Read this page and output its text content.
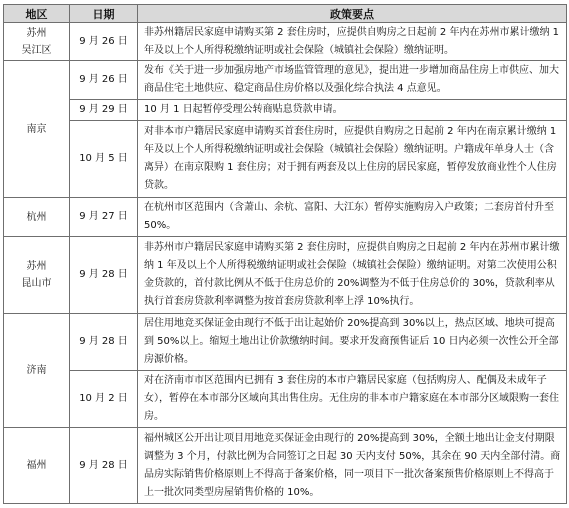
地区	日期	政策要点

苏州
吴江区	9 月 26 日	非苏州籍居民家庭申请购买第 2 套住房时，应提供自购房之日起前 2 年内在苏州市累计缴纳 1 年及以上个人所得税缴纳证明或社会保险（城镇社会保险）缴纳证明。

南京	9 月 26 日	发布《关于进一步加强房地产市场监管管理的意见》，提出进一步增加商品住房上市供应、加大商品住宅土地供应、稳定商品住房价格以及强化综合执法 4 点意见。
	9 月 29 日	10 月 1 日起暂停受理公转商贴息贷款申请。
	10 月 5 日	对非本市户籍居民家庭申请购买首套住房时，应提供自购房之日起前 2 年内在南京累计缴纳 1 年及以上个人所得税缴纳证明或社会保险（城镇社会保险）缴纳证明。户籍成年单身人士（含离异）在南京限购 1 套住房；对于拥有两套及以上住房的居民家庭，暂停发放商业性个人住房贷款。

杭州	9 月 27 日	在杭州市区范围内（含萧山、余杭、富阳、大江东）暂停实施购房入户政策；二套房首付升至 50%。

苏州
昆山市	9 月 28 日	非苏州市户籍居民家庭申请购买第 2 套住房时，应提供自购房之日起前 2 年内在苏州市累计缴纳 1 年及以上个人所得税缴纳证明或社会保险（城镇社会保险）缴纳证明。对第二次使用公积金贷款的，首付款比例从不低于住房总价的 20%调整为不低于住房总价的 30%，贷款利率从执行首套房贷款利率调整为按首套房贷款利率上浮 10%执行。

济南	9 月 28 日	居住用地竞买保证金由现行不低于出让起始价 20%提高到 30%以上，热点区域、地块可提高到 50%以上。缩短土地出让价款缴纳时间。要求开发商预售证后 10 日内必须一次性公开全部房源价格。
	10 月 2 日	对在济南市市区范围内已拥有 3 套住房的本市户籍居民家庭（包括购房人、配偶及未成年子女），暂停在本市部分区域向其出售住房。无住房的非本市户籍家庭在本市部分区域限购一套住房。

福州	9 月 28 日	福州城区公开出让项目用地竞买保证金由现行的 20%提高到 30%，全额土地出让金支付期限调整为 3 个月，付款比例为合同签订之日起 30 天内支付 50%，其余在 90 天内全部付清。商品房实际销售价格原则上不得高于备案价格，同一项目下一批次备案预售价格原则上不得高于上一批次同类型房屋销售价格的 10%。
